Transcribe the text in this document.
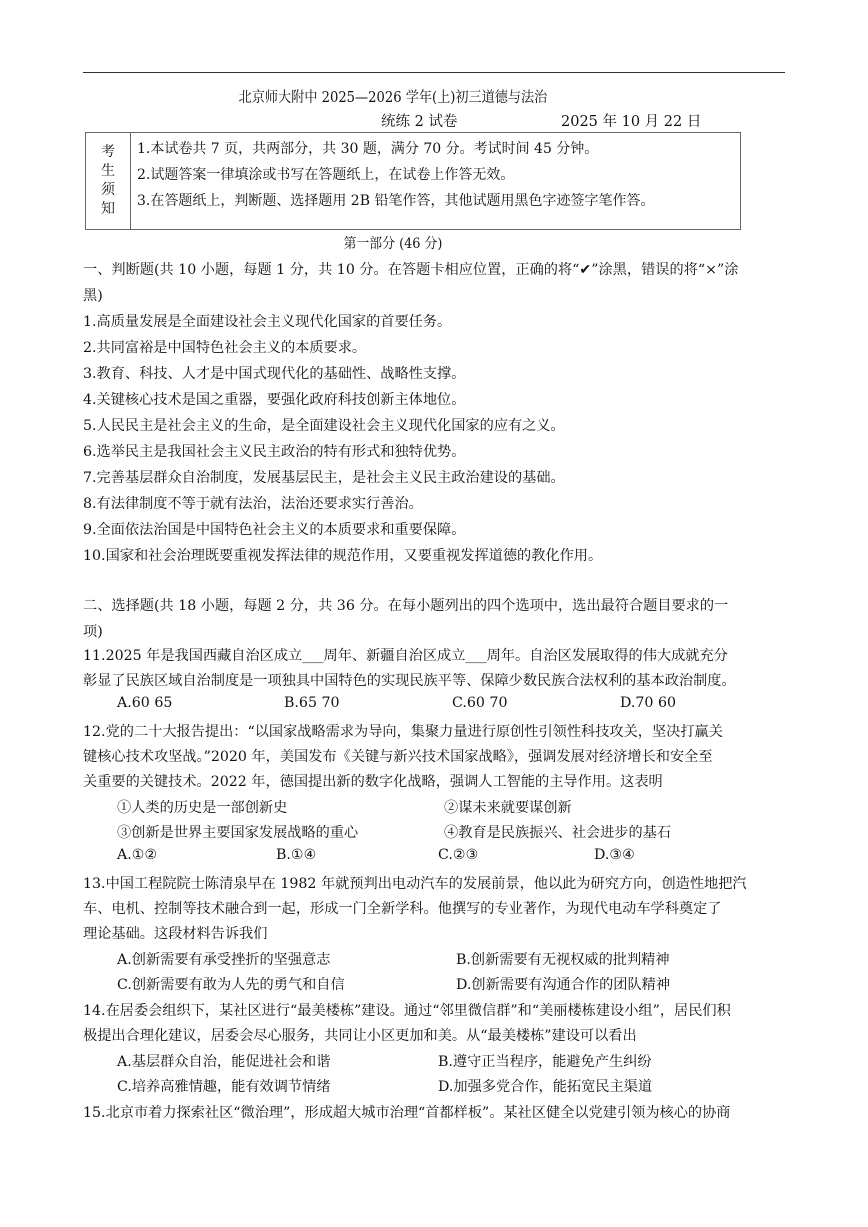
北京师大附中 2025—2026 学年(上)初三道德与法治
统练 2 试卷	2025 年 10 月 22 日
考
生
须
知

1.本试卷共 7 页，共两部分，共 30 题，满分 70 分。考试时间 45 分钟。
2.试题答案一律填涂或书写在答题纸上，在试卷上作答无效。
3.在答题纸上，判断题、选择题用 2B 铅笔作答，其他试题用黑色字迹签字笔作答。
第一部分 (46 分)
一、判断题(共 10 小题，每题 1 分，共 10 分。在答题卡相应位置，正确的将“✔”涂黑，错误的将“×”涂
黑)
1.高质量发展是全面建设社会主义现代化国家的首要任务。
2.共同富裕是中国特色社会主义的本质要求。
3.教育、科技、人才是中国式现代化的基础性、战略性支撑。
4.关键核心技术是国之重器，要强化政府科技创新主体地位。
5.人民民主是社会主义的生命，是全面建设社会主义现代化国家的应有之义。
6.选举民主是我国社会主义民主政治的特有形式和独特优势。
7.完善基层群众自治制度，发展基层民主，是社会主义民主政治建设的基础。
8.有法律制度不等于就有法治，法治还要求实行善治。
9.全面依法治国是中国特色社会主义的本质要求和重要保障。
10.国家和社会治理既要重视发挥法律的规范作用，又要重视发挥道德的教化作用。
二、选择题(共 18 小题，每题 2 分，共 36 分。在每小题列出的四个选项中，选出最符合题目要求的一
项)
11.2025 年是我国西藏自治区成立___周年、新疆自治区成立___周年。自治区发展取得的伟大成就充分
彰显了民族区域自治制度是一项独具中国特色的实现民族平等、保障少数民族合法权利的基本政治制度。
A.60 65	B.65 70	C.60 70	D.70 60
12.党的二十大报告提出：“以国家战略需求为导向，集聚力量进行原创性引领性科技攻关，坚决打赢关
键核心技术攻坚战。”2020 年，美国发布《关键与新兴技术国家战略》，强调发展对经济增长和安全至
关重要的关键技术。2022 年，德国提出新的数字化战略，强调人工智能的主导作用。这表明
①人类的历史是一部创新史	②谋未来就要谋创新
③创新是世界主要国家发展战略的重心	④教育是民族振兴、社会进步的基石
A.①②	B.①④	C.②③	D.③④
13.中国工程院院士陈清泉早在 1982 年就预判出电动汽车的发展前景，他以此为研究方向，创造性地把汽
车、电机、控制等技术融合到一起，形成一门全新学科。他撰写的专业著作，为现代电动车学科奠定了
理论基础。这段材料告诉我们
A.创新需要有承受挫折的坚强意志	B.创新需要有无视权威的批判精神
C.创新需要有敢为人先的勇气和自信	D.创新需要有沟通合作的团队精神
14.在居委会组织下，某社区进行“最美楼栋”建设。通过“邻里微信群”和“美丽楼栋建设小组”，居民们积
极提出合理化建议，居委会尽心服务，共同让小区更加和美。从“最美楼栋”建设可以看出
A.基层群众自治，能促进社会和谐	B.遵守正当程序，能避免产生纠纷
C.培养高雅情趣，能有效调节情绪	D.加强多党合作，能拓宽民主渠道
15.北京市着力探索社区“微治理”，形成超大城市治理“首都样板”。某社区健全以党建引领为核心的协商
